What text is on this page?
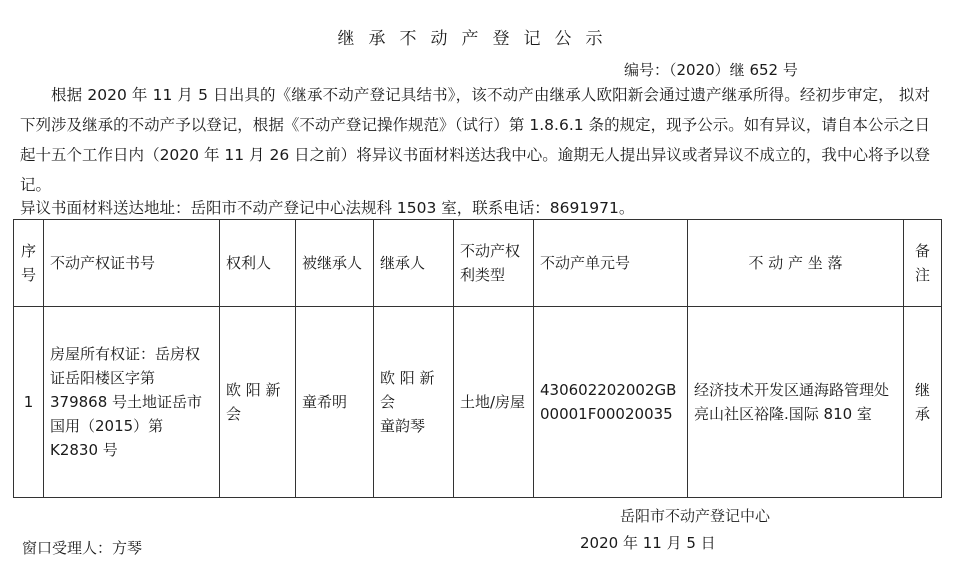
继承不动产登记公示
编号：（2020）继 652 号

根据 2020 年 11 月 5 日出具的《继承不动产登记具结书》，该不动产由继承人欧阳新会通过遗产继承所得。经初步审定， 拟对下列涉及继承的不动产予以登记，根据《不动产登记操作规范》（试行）第 1.8.6.1 条的规定，现予公示。如有异议，请自本公示之日起十五个工作日内（2020 年 11 月 26 日之前）将异议书面材料送达我中心。逾期无人提出异议或者异议不成立的，我中心将予以登记。

异议书面材料送达地址：岳阳市不动产登记中心法规科 1503 室，联系电话：8691971。
序号	不动产权证书号	权利人	被继承人	继承人	不动产权利类型	不动产单元号	不 动 产 坐 落	备注
1	房屋所有权证：岳房权证岳阳楼区字第 379868 号土地证岳市国用（2015）第 K2830 号	欧 阳 新会	童希明	欧 阳 新会
童韵琴	土地/房屋	430602202002GB00001F00020035	经济技术开发区通海路管理处亮山社区裕隆.国际 810 室	继承
岳阳市不动产登记中心
窗口受理人：方琴	2020 年 11 月 5 日
